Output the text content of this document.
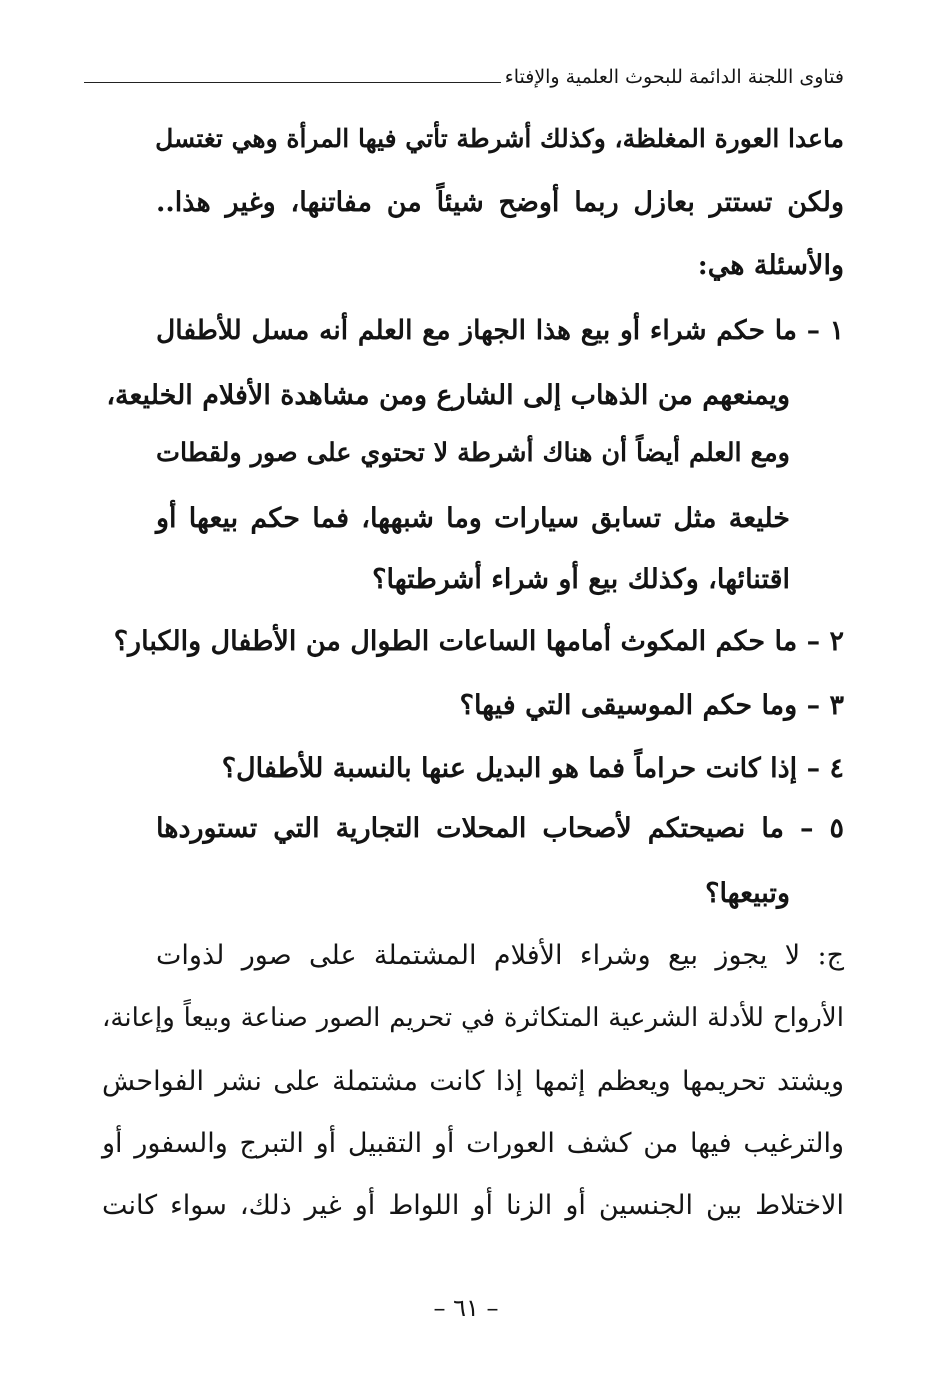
فتاوى اللجنة الدائمة للبحوث العلمية والإفتاء
ماعدا العورة المغلظة، وكذلك أشرطة تأتي فيها المرأة وهي تغتسل
ولكن تستتر بعازل ربما أوضح شيئاً من مفاتنها، وغير هذا..
والأسئلة هي:
١ – ما حكم شراء أو بيع هذا الجهاز مع العلم أنه مسل للأطفال
ويمنعهم من الذهاب إلى الشارع ومن مشاهدة الأفلام الخليعة،
ومع العلم أيضاً أن هناك أشرطة لا تحتوي على صور ولقطات
خليعة مثل تسابق سيارات وما شبهها، فما حكم بيعها أو
اقتنائها، وكذلك بيع أو شراء أشرطتها؟
٢ – ما حكم المكوث أمامها الساعات الطوال من الأطفال والكبار؟
٣ – وما حكم الموسيقى التي فيها؟
٤ – إذا كانت حراماً فما هو البديل عنها بالنسبة للأطفال؟
٥ – ما نصيحتكم لأصحاب المحلات التجارية التي تستوردها
وتبيعها؟
ج: لا يجوز بيع وشراء الأفلام المشتملة على صور لذوات
الأرواح للأدلة الشرعية المتكاثرة في تحريم الصور صناعة وبيعاً وإعانة،
ويشتد تحريمها ويعظم إثمها إذا كانت مشتملة على نشر الفواحش
والترغيب فيها من كشف العورات أو التقبيل أو التبرج والسفور أو
الاختلاط بين الجنسين أو الزنا أو اللواط أو غير ذلك، سواء كانت
– ٦١ –
